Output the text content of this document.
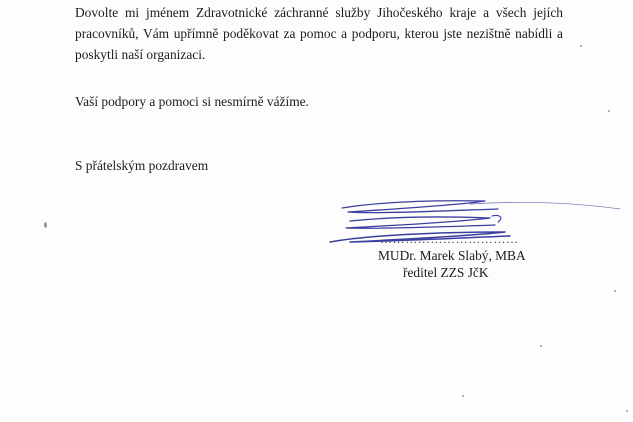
Dovolte mi jménem Zdravotnické záchranné služby Jihočeského kraje a všech jejích pracovníků, Vám upřímně poděkovat za pomoc a podporu, kterou jste nezištně nabídli a poskytli naší organizaci.

Vaší podpory a pomoci si nesmírně vážíme.

S přátelským pozdravem

……………………………
MUDr. Marek Slabý, MBA
ředitel ZZS JčK
